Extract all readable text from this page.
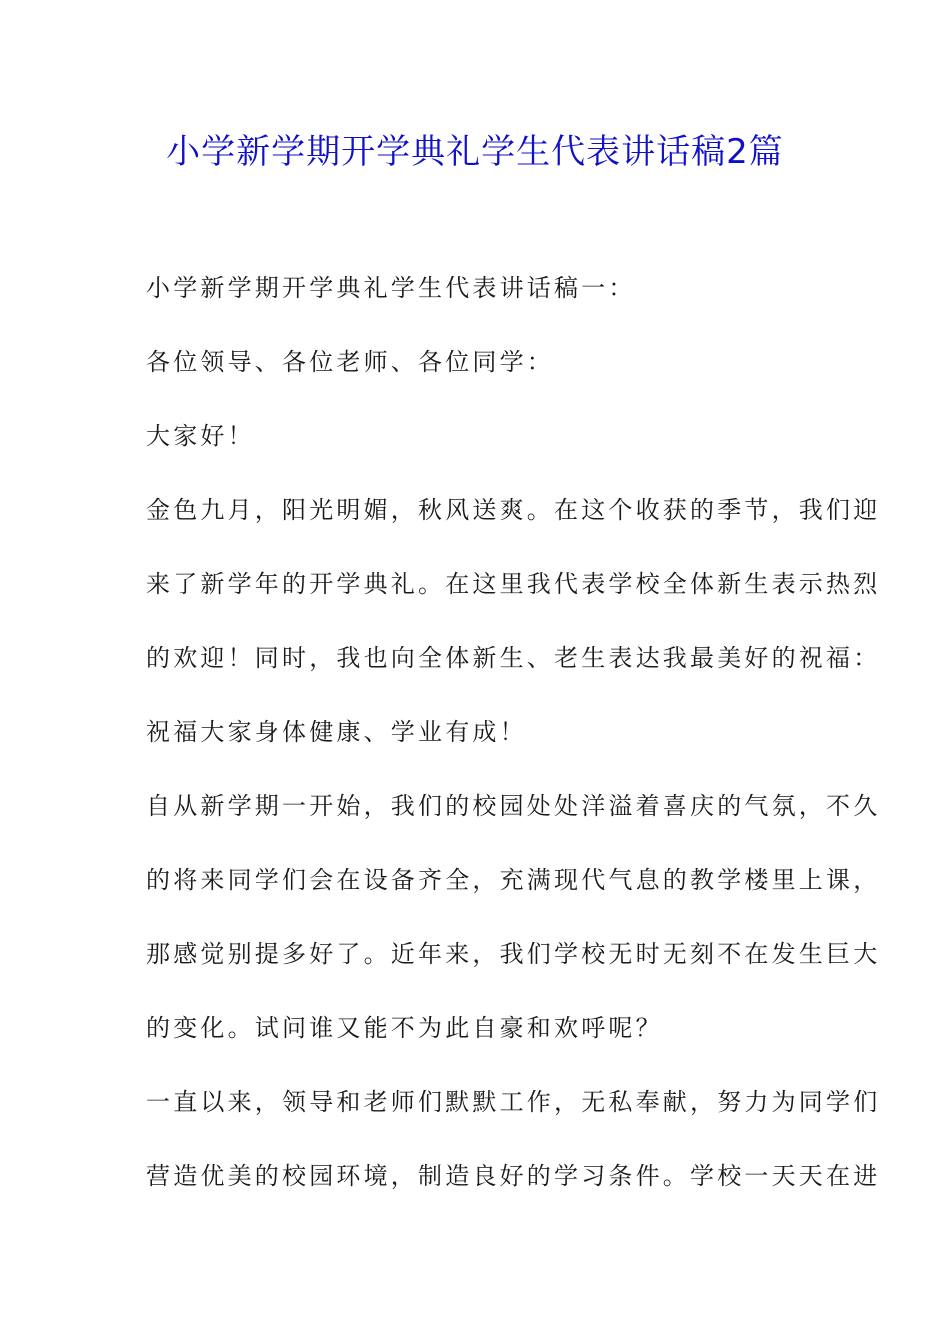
小学新学期开学典礼学生代表讲话稿2篇

小学新学期开学典礼学生代表讲话稿一：

各位领导、各位老师、各位同学：

大家好！

金色九月，阳光明媚，秋风送爽。在这个收获的季节，我们迎

来了新学年的开学典礼。在这里我代表学校全体新生表示热烈

的欢迎！同时，我也向全体新生、老生表达我最美好的祝福：

祝福大家身体健康、学业有成！

自从新学期一开始，我们的校园处处洋溢着喜庆的气氛，不久

的将来同学们会在设备齐全，充满现代气息的教学楼里上课，

那感觉别提多好了。近年来，我们学校无时无刻不在发生巨大

的变化。试问谁又能不为此自豪和欢呼呢？

一直以来，领导和老师们默默工作，无私奉献，努力为同学们

营造优美的校园环境，制造良好的学习条件。学校一天天在进
